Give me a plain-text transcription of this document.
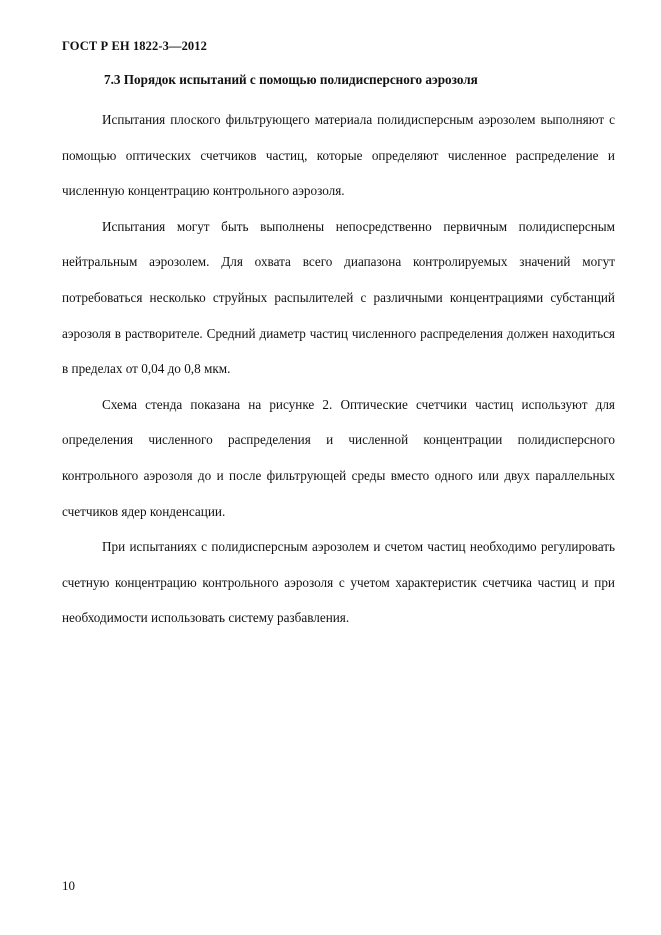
ГОСТ Р ЕН 1822-3—2012
7.3 Порядок испытаний с помощью полидисперсного аэрозоля

Испытания плоского фильтрующего материала полидисперсным аэрозолем выполняют с помощью оптических счетчиков частиц, которые определяют численное распределение и численную концентрацию контрольного аэрозоля.

Испытания могут быть выполнены непосредственно первичным полидисперсным нейтральным аэрозолем. Для охвата всего диапазона контролируемых значений могут потребоваться несколько струйных распылителей с различными концентрациями субстанций аэрозоля в растворителе. Средний диаметр частиц численного распределения должен находиться в пределах от 0,04 до 0,8 мкм.

Схема стенда показана на рисунке 2. Оптические счетчики частиц используют для определения численного распределения и численной концентрации полидисперсного контрольного аэрозоля до и после фильтрующей среды вместо одного или двух параллельных счетчиков ядер конденсации.

При испытаниях с полидисперсным аэрозолем и счетом частиц необходимо регулировать счетную концентрацию контрольного аэрозоля с учетом характеристик счетчика частиц и при необходимости использовать систему разбавления.

10
